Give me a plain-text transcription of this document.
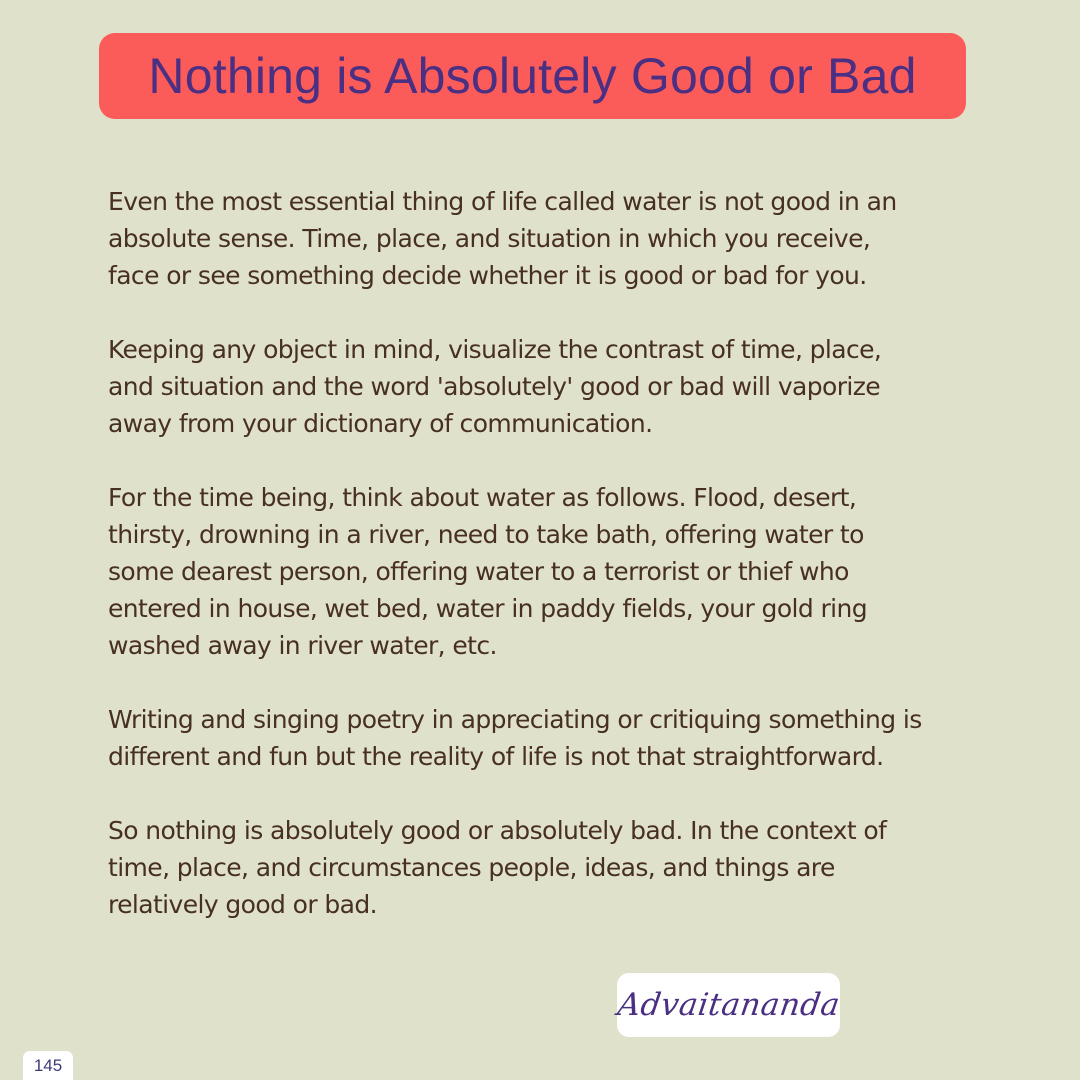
Nothing is Absolutely Good or Bad

Even the most essential thing of life called water is not good in an
absolute sense. Time, place, and situation in which you receive,
face or see something decide whether it is good or bad for you.

Keeping any object in mind, visualize the contrast of time, place,
and situation and the word 'absolutely' good or bad will vaporize
away from your dictionary of communication.

For the time being, think about water as follows. Flood, desert,
thirsty, drowning in a river, need to take bath, offering water to
some dearest person, offering water to a terrorist or thief who
entered in house, wet bed, water in paddy fields, your gold ring
washed away in river water, etc.

Writing and singing poetry in appreciating or critiquing something is
different and fun but the reality of life is not that straightforward.

So nothing is absolutely good or absolutely bad. In the context of
time, place, and circumstances people, ideas, and things are
relatively good or bad.

Advaitananda
145
